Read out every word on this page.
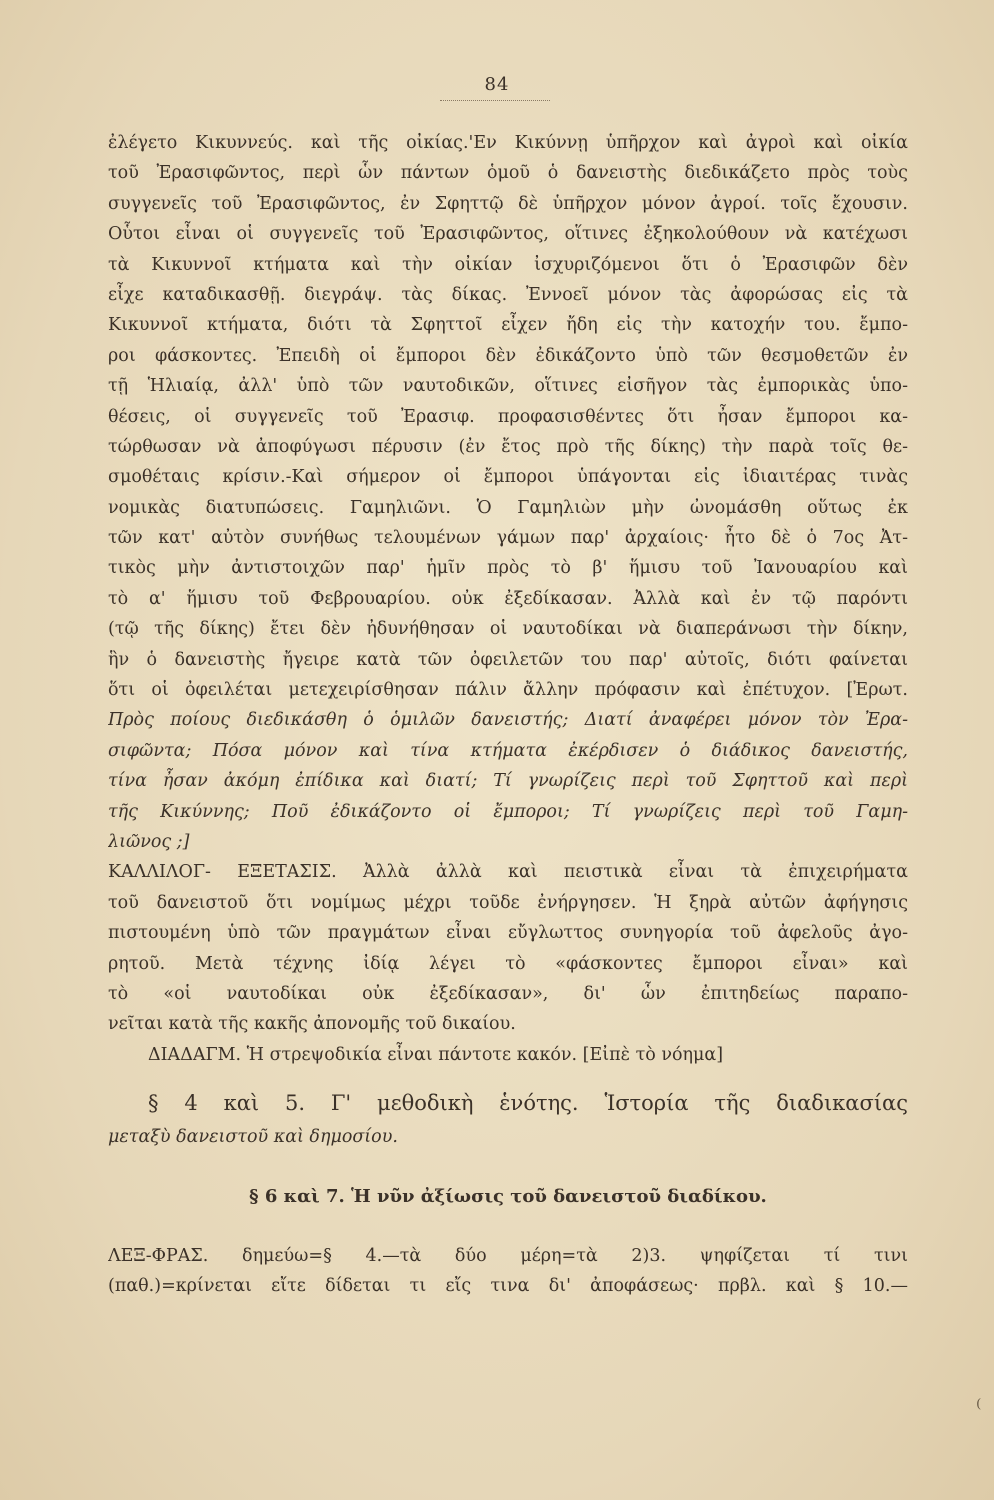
84
ἐλέγετο Κικυννεύς. καὶ τῆς οἰκίας.'Εν Κικύννῃ ὑπῆρχον καὶ ἀγροὶ καὶ οἰκία
τοῦ Ἐρασιφῶντος, περὶ ὧν πάντων ὁμοῦ ὁ δανειστὴς διεδικάζετο πρὸς τοὺς
συγγενεῖς τοῦ Ἐρασιφῶντος, ἐν Σφηττῷ δὲ ὑπῆρχον μόνον ἀγροί. τοῖς ἔχουσιν.
Οὗτοι εἶναι οἱ συγγενεῖς τοῦ Ἐρασιφῶντος, οἵτινες ἐξηκολούθουν νὰ κατέχωσι
τὰ Κικυννοῖ κτήματα καὶ τὴν οἰκίαν ἰσχυριζόμενοι ὅτι ὁ Ἐρασιφῶν δὲν
εἶχε καταδικασθῇ. διεγράψ. τὰς δίκας. Ἐννοεῖ μόνον τὰς ἀφορώσας εἰς τὰ
Κικυννοῖ κτήματα, διότι τὰ Σφηττοῖ εἶχεν ἤδη εἰς τὴν κατοχήν του. ἔμπο-
ροι φάσκοντες. Ἐπειδὴ οἱ ἔμποροι δὲν ἐδικάζοντο ὑπὸ τῶν θεσμοθετῶν ἐν
τῇ Ἡλιαίᾳ, ἀλλ' ὑπὸ τῶν ναυτοδικῶν, οἵτινες εἰσῆγον τὰς ἐμπορικὰς ὑπο-
θέσεις, οἱ συγγενεῖς τοῦ Ἐρασιφ. προφασισθέντες ὅτι ἦσαν ἔμποροι κα-
τώρθωσαν νὰ ἀποφύγωσι πέρυσιν (ἐν ἔτος πρὸ τῆς δίκης) τὴν παρὰ τοῖς θε-
σμοθέταις κρίσιν.-Καὶ σήμερον οἱ ἔμποροι ὑπάγονται εἰς ἰδιαιτέρας τινὰς
νομικὰς διατυπώσεις. Γαμηλιῶνι. Ὁ Γαμηλιὼν μὴν ὠνομάσθη οὕτως ἐκ
τῶν κατ' αὐτὸν συνήθως τελουμένων γάμων παρ' ἀρχαίοις· ἦτο δὲ ὁ 7ος Ἀτ-
τικὸς μὴν ἀντιστοιχῶν παρ' ἡμῖν πρὸς τὸ β' ἥμισυ τοῦ Ἰανουαρίου καὶ
τὸ α' ἥμισυ τοῦ Φεβρουαρίου. οὐκ ἐξεδίκασαν. Ἀλλὰ καὶ ἐν τῷ παρόντι
(τῷ τῆς δίκης) ἔτει δὲν ἠδυνήθησαν οἱ ναυτοδίκαι νὰ διαπεράνωσι τὴν δίκην,
ἣν ὁ δανειστὴς ἤγειρε κατὰ τῶν ὀφειλετῶν του παρ' αὐτοῖς, διότι φαίνεται
ὅτι οἱ ὀφειλέται μετεχειρίσθησαν πάλιν ἄλλην πρόφασιν καὶ ἐπέτυχον. [Ἐρωτ.
Πρὸς ποίους διεδικάσθη ὁ ὁμιλῶν δανειστής; Διατί ἀναφέρει μόνον τὸν Ἐρα-
σιφῶντα; Πόσα μόνον καὶ τίνα κτήματα ἐκέρδισεν ὁ διάδικος δανειστής,
τίνα ἦσαν ἀκόμη ἐπίδικα καὶ διατί; Τί γνωρίζεις περὶ τοῦ Σφηττοῦ καὶ περὶ
τῆς Κικύννης; Ποῦ ἐδικάζοντο οἱ ἔμποροι; Τί γνωρίζεις περὶ τοῦ Γαμη-
λιῶνος ;]
ΚΑΛΛΙΛΟΓ- ΕΞΕΤΑΣΙΣ. Ἀλλὰ ἀλλὰ καὶ πειστικὰ εἶναι τὰ ἐπιχειρήματα
τοῦ δανειστοῦ ὅτι νομίμως μέχρι τοῦδε ἐνήργησεν. Ἡ ξηρὰ αὐτῶν ἀφήγησις
πιστουμένη ὑπὸ τῶν πραγμάτων εἶναι εὔγλωττος συνηγορία τοῦ ἀφελοῦς ἀγο-
ρητοῦ. Μετὰ τέχνης ἰδίᾳ λέγει τὸ «φάσκοντες ἔμποροι εἶναι» καὶ
τὸ «οἱ ναυτοδίκαι οὐκ ἐξεδίκασαν», δι' ὧν ἐπιτηδείως παραπο-
νεῖται κατὰ τῆς κακῆς ἀπονομῆς τοῦ δικαίου.
ΔΙΑΔΑΓΜ. Ἡ στρεψοδικία εἶναι πάντοτε κακόν. [Εἰπὲ τὸ νόημα]
§ 4 καὶ 5. Γ' μεθοδικὴ ἑνότης. Ἱστορία τῆς διαδικασίας
μεταξὺ δανειστοῦ καὶ δημοσίου.
§ 6 καὶ 7. Ἡ νῦν ἀξίωσις τοῦ δανειστοῦ διαδίκου.
ΛΕΞ-ΦΡΑΣ. δημεύω=§ 4.—τὰ δύο μέρη=τὰ 2)3. ψηφίζεται τί τινι
(παθ.)=κρίνεται εἴτε δίδεται τι εἴς τινα δι' ἀποφάσεως· πρβλ. καὶ § 10.—
⁽
